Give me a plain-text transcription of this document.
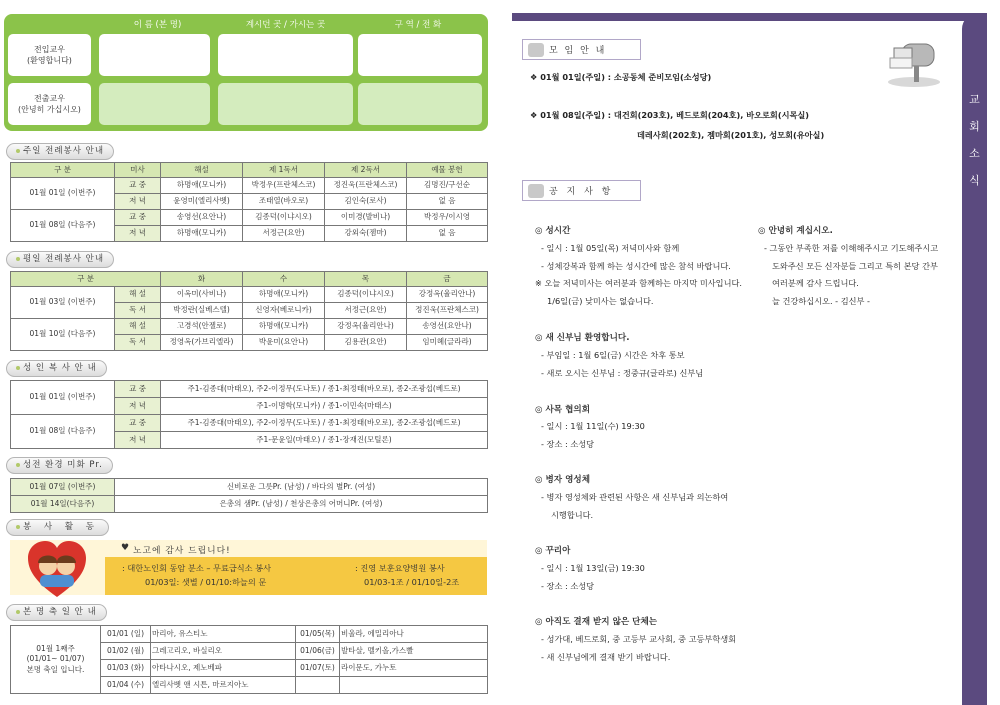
이 름 (본 명)	계시던 곳 / 가시는 곳	구 역 / 전 화
전입교우
(환영합니다)
전출교우
(안녕히 가십시오)
주일 전례봉사 안내
구 분	미사	해설	제 1독서	제 2독서	예물 봉헌
01월 01일 (이번주)	교 중	하명애(모니카)	박정우(프란체스코)	정진욱(프란체스코)	김명진/구선순
	저 녁	윤영미(엘리사벳)	조태열(바오로)	김인숙(로사)	없 음
01월 08일 (다음주)	교 중	송영선(요안나)	김종덕(이냐시오)	이미경(발비나)	박정우/이시영
	저 녁	하명애(모니카)	서정근(요안)	강외숙(젬마)	없 음
평일 전례봉사 안내
구 분		화	수	목	금
01월 03일 (이번주)	해 설	이옥미(사비나)	하명애(모니카)	김종덕(이냐시오)	강정옥(율리안나)
	독 서	박정란(실베스텔)	신영자(베로니카)	서정근(요안)	정진욱(프란체스코)
01월 10일 (다음주)	해 설	고경석(안젤로)	하명애(모니카)	강정옥(율리안나)	송영선(요안나)
	독 서	정영옥(가브리엘라)	박윤미(요안나)	김용관(요안)	임미혜(글라라)
성 인 복 사 안 내
01월 01일 (이번주)	교 중	주1-김종대(마태오), 주2-이정무(도나토) / 종1-최정태(바오로), 종2-조광섭(베드로)
	저 녁	주1-이명학(모니카) / 종1-이민속(마태스)
01월 08일 (다음주)	교 중	주1-김종대(마태오), 주2-이정무(도나토) / 종1-최정태(바오로), 종2-조광섭(베드로)
	저 녁	주1-문윤일(마태오) / 종1-장재진(모틸론)
성전 환경 미화 Pr.
01월 07일 (이번주)	신비로운 그릇Pr. (남성) / 바다의 별Pr. (여성)
01월 14일(다음주)	은총의 샘Pr. (남성) / 천상은총의 어머니Pr. (여성)
봉 사 활 동
♥ 노고에 감사 드립니다!
: 대한노인회 동암 분소 – 무료급식소 봉사
01/03일: 샛별 / 01/10:하늘의 문
: 진영 보훈요양병원 봉사
01/03-1조 / 01/10일-2조
본 명 축 일 안 내
01월 1째주
(01/01~ 01/07)
본명 축일 입니다.	01/01 (일)	마리아, 유스티노	01/05(목)	비울라, 에밀리아나
	01/02 (월)	그레고리오, 바실리오	01/06(금)	발타살, 멜키올,가스빨
	01/03 (화)	아타나시오, 제노베파	01/07(토)	라이문도, 가누토
	01/04 (수)	엘리사벳 앤 시튼, 마르지아노		
교
회
소
식
모 임 안 내
❖ 01월 01일(주일) : 소공동체 준비모임(소성당)
❖ 01월 08일(주일) : 대건회(203호), 베드로회(204호), 바오로회(시목실)
데레사회(202호), 젬마회(201호), 성모회(유아실)
공 지 사 항
◎ 성시간
- 일시 : 1월 05일(목) 저녁미사와 함께
- 성체강복과 함께 하는 성시간에 많은 참석 바랍니다.
※ 오늘 저녁미사는 여러분과 함께하는 마지막 미사입니다.
1/6일(금) 낮미사는 없습니다.
◎ 새 신부님 환영합니다.
- 부임일 : 1월 6일(금) 시간은 차후 통보
- 새로 오시는 신부님 : 정중규(글라로) 신부님
◎ 사목 협의회
- 일시 : 1월 11일(수) 19:30
- 장소 : 소성당
◎ 병자 영성체
- 병자 영성체와 관련된 사항은 새 신부님과 의논하여
시행합니다.
◎ 꾸리아
- 일시 : 1월 13일(금) 19:30
- 장소 : 소성당
◎ 아직도 결재 받지 않은 단체는
- 성가대, 베드로회, 중 고등부 교사회, 중 고등부학생회
- 새 신부님에게 결재 받기 바랍니다.
◎ 안녕히 계십시오.
- 그동안 부족한 저를 이해해주시고 기도해주시고
도와주신 모든 신자분들 그리고 특히 본당 간부
여러분께 감사 드립니다.
늘 건강하십시오. - 김신부 -
